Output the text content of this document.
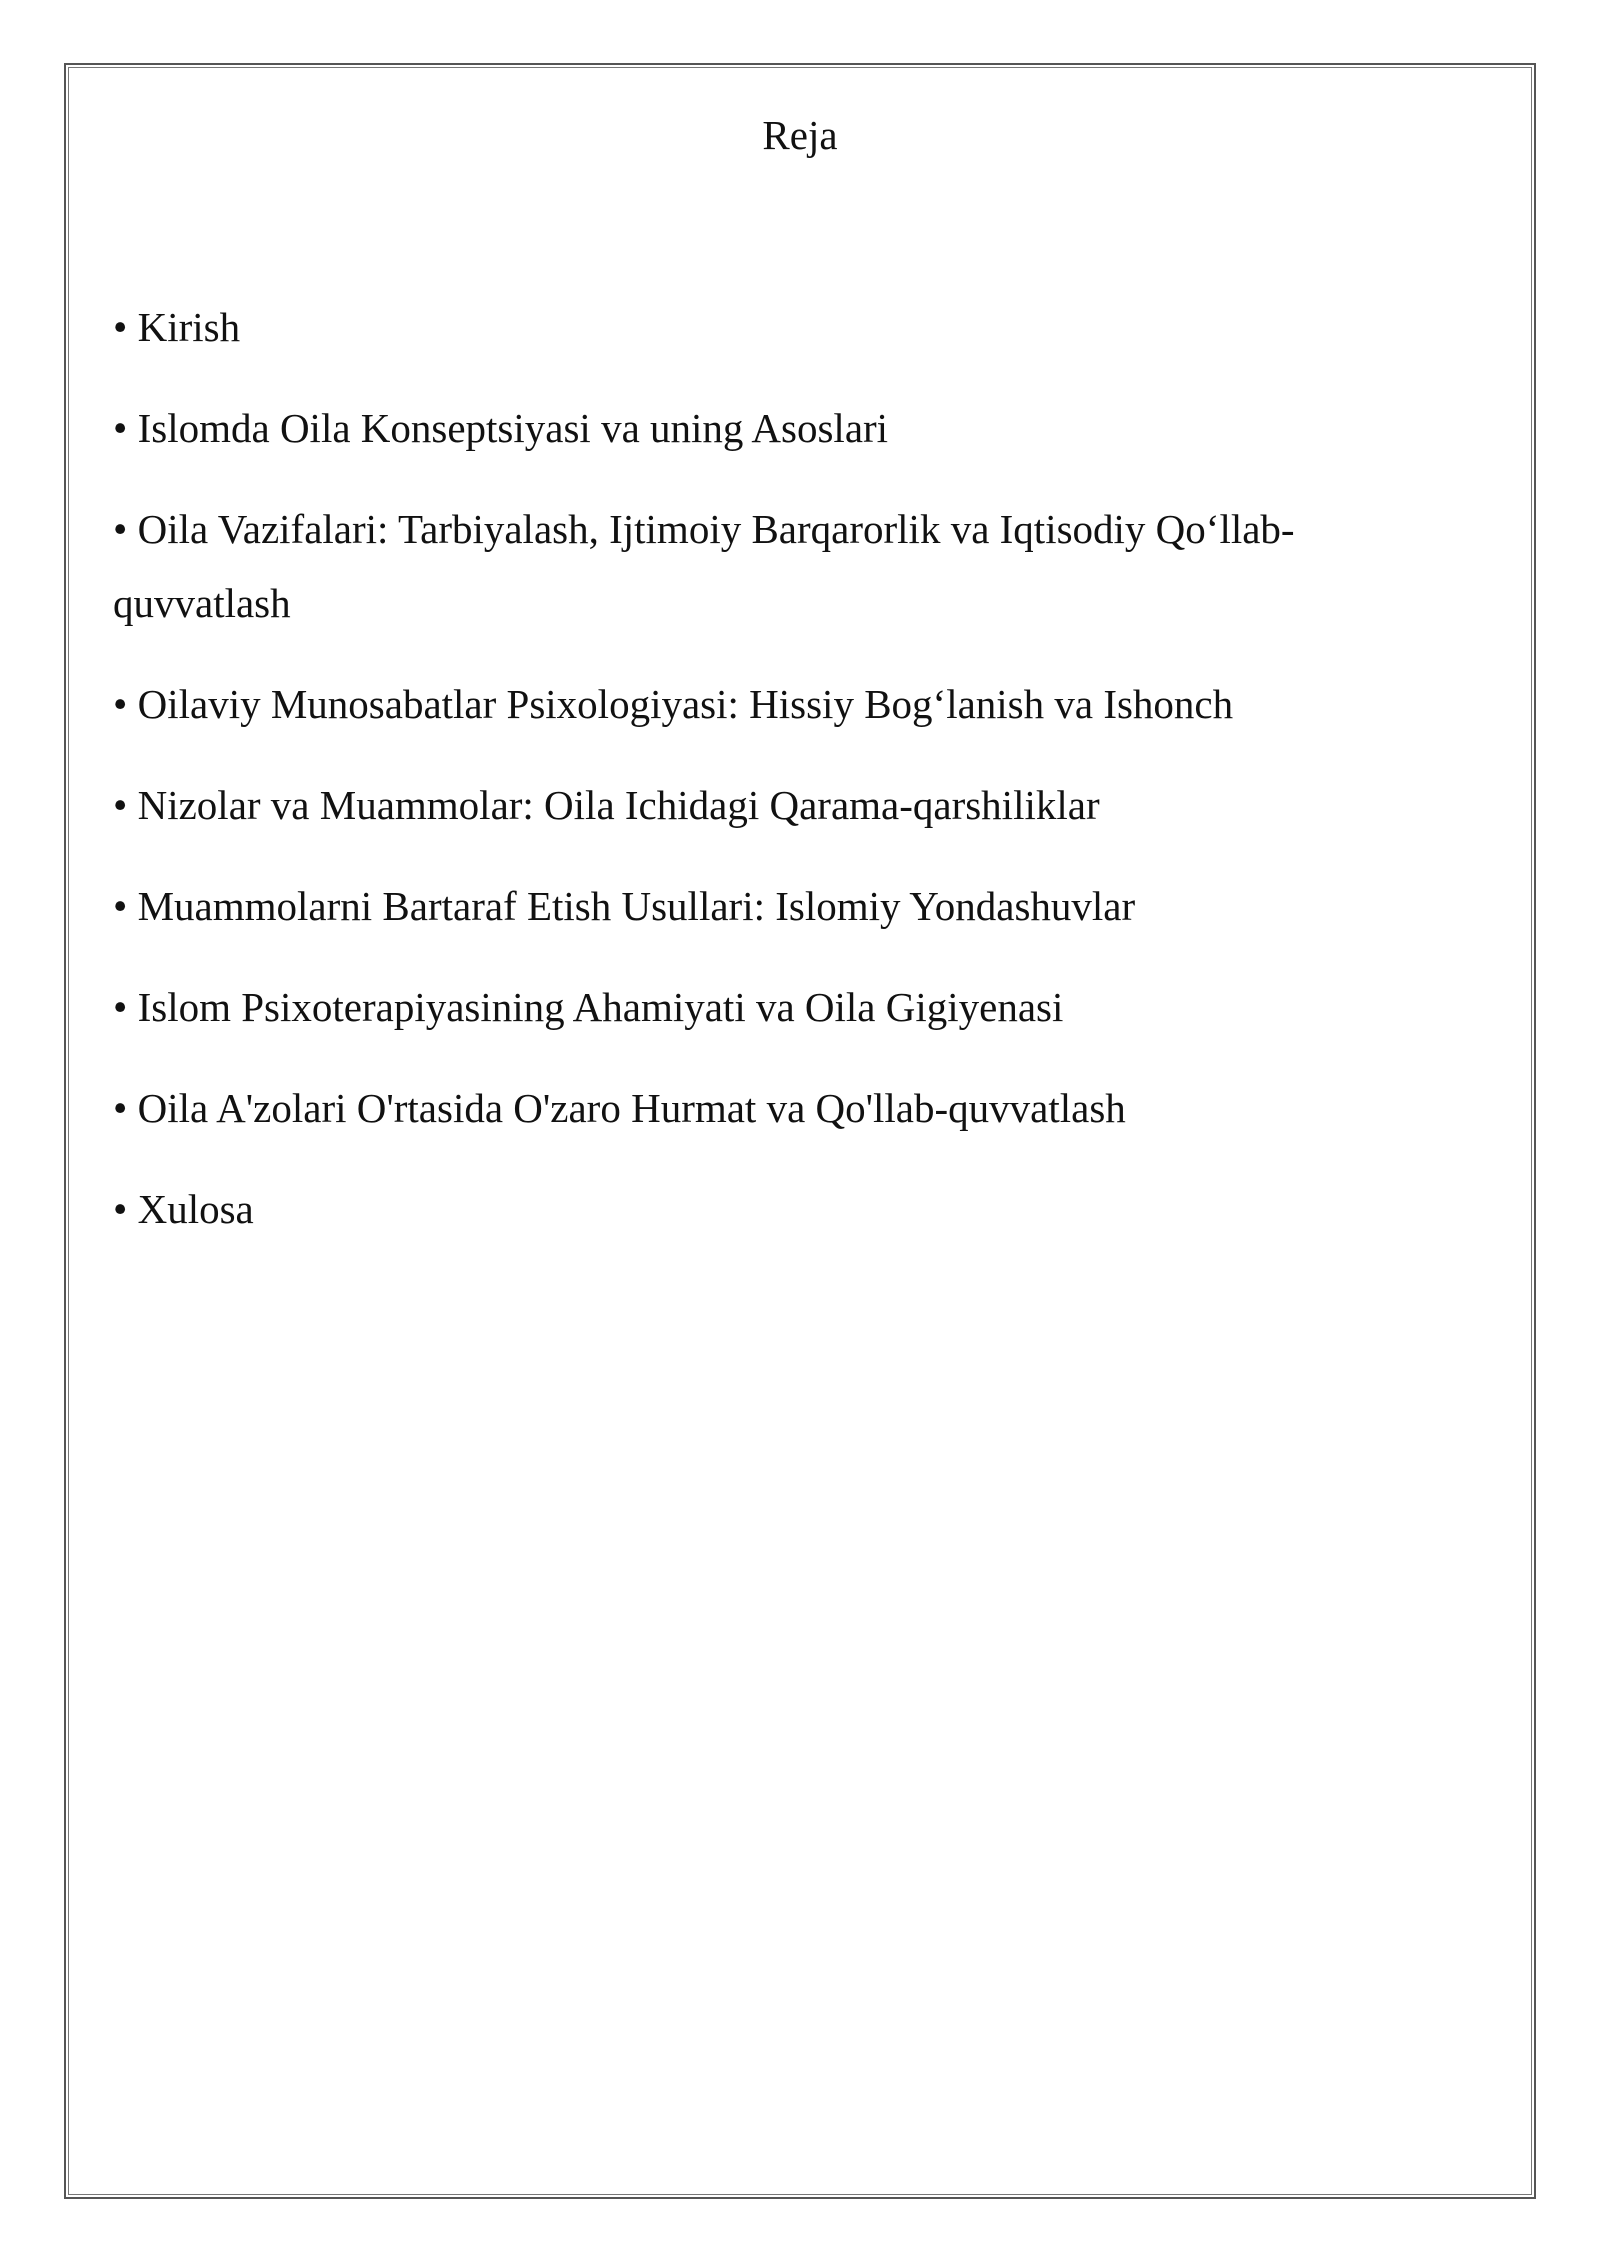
Reja
• Kirish
• Islomda Oila Konseptsiyasi va uning Asoslari
• Oila Vazifalari: Tarbiyalash, Ijtimoiy Barqarorlik va Iqtisodiy Qo‘llab-quvvatlash
• Oilaviy Munosabatlar Psixologiyasi: Hissiy Bog‘lanish va Ishonch
• Nizolar va Muammolar: Oila Ichidagi Qarama-qarshiliklar
• Muammolarni Bartaraf Etish Usullari: Islomiy Yondashuvlar
• Islom Psixoterapiyasining Ahamiyati va Oila Gigiyenasi
• Oila A'zolari O'rtasida O'zaro Hurmat va Qo'llab-quvvatlash
• Xulosa
